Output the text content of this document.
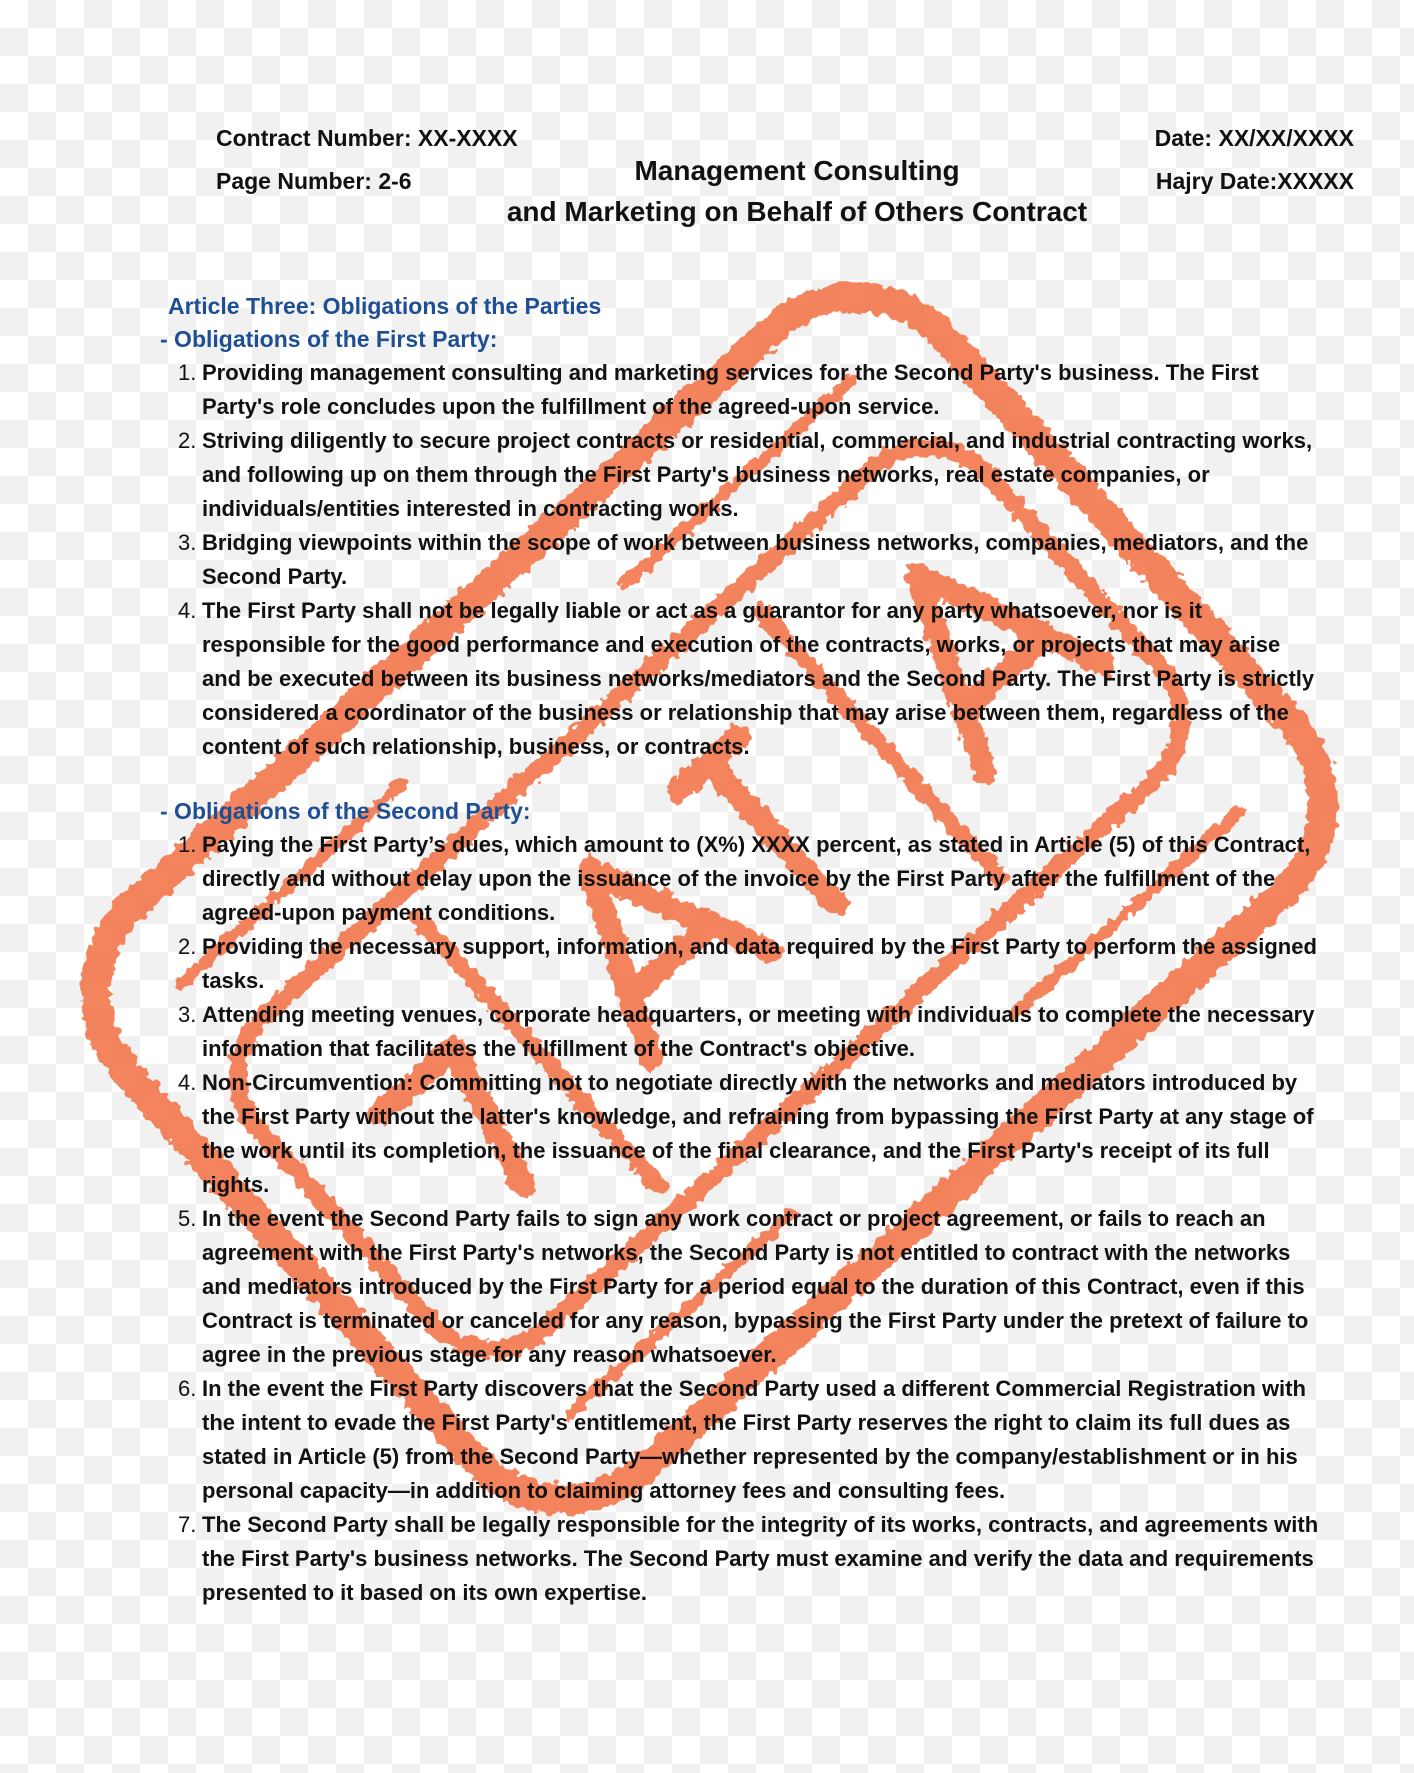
Contract Number: XX-XXXX
Page Number: 2-6
Date: XX/XX/XXXX
Hajry Date:XXXXX
Management Consulting
and Marketing on Behalf of Others Contract
Article Three: Obligations of the Parties
- Obligations of the First Party:
1. Providing management consulting and marketing services for the Second Party's business. The First Party's role concludes upon the fulfillment of the agreed-upon service.
2. Striving diligently to secure project contracts or residential, commercial, and industrial contracting works, and following up on them through the First Party's business networks, real estate companies, or individuals/entities interested in contracting works.
3. Bridging viewpoints within the scope of work between business networks, companies, mediators, and the Second Party.
4. The First Party shall not be legally liable or act as a guarantor for any party whatsoever, nor is it responsible for the good performance and execution of the contracts, works, or projects that may arise and be executed between its business networks/mediators and the Second Party. The First Party is strictly considered a coordinator of the business or relationship that may arise between them, regardless of the content of such relationship, business, or contracts.
- Obligations of the Second Party:
1. Paying the First Party’s dues, which amount to (X%) XXXX percent, as stated in Article (5) of this Contract, directly and without delay upon the issuance of the invoice by the First Party after the fulfillment of the agreed-upon payment conditions.
2. Providing the necessary support, information, and data required by the First Party to perform the assigned tasks.
3. Attending meeting venues, corporate headquarters, or meeting with individuals to complete the necessary information that facilitates the fulfillment of the Contract's objective.
4. Non-Circumvention: Committing not to negotiate directly with the networks and mediators introduced by the First Party without the latter's knowledge, and refraining from bypassing the First Party at any stage of the work until its completion, the issuance of the final clearance, and the First Party's receipt of its full rights.
5. In the event the Second Party fails to sign any work contract or project agreement, or fails to reach an agreement with the First Party's networks, the Second Party is not entitled to contract with the networks and mediators introduced by the First Party for a period equal to the duration of this Contract, even if this Contract is terminated or canceled for any reason, bypassing the First Party under the pretext of failure to agree in the previous stage for any reason whatsoever.
6. In the event the First Party discovers that the Second Party used a different Commercial Registration with the intent to evade the First Party's entitlement, the First Party reserves the right to claim its full dues as stated in Article (5) from the Second Party—whether represented by the company/establishment or in his personal capacity—in addition to claiming attorney fees and consulting fees.
7. The Second Party shall be legally responsible for the integrity of its works, contracts, and agreements with the First Party's business networks. The Second Party must examine and verify the data and requirements presented to it based on its own expertise.
